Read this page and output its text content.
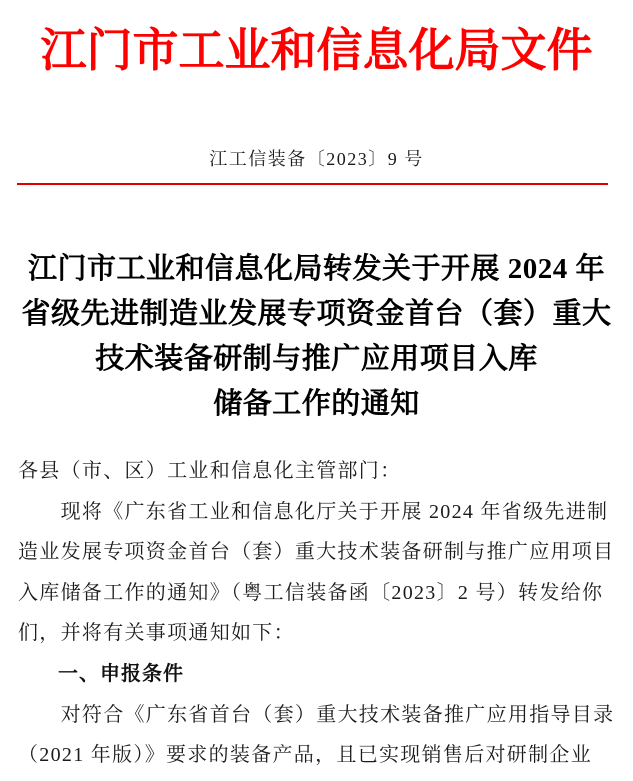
江门市工业和信息化局文件
江工信装备〔2023〕9 号
江门市工业和信息化局转发关于开展 2024 年
省级先进制造业发展专项资金首台（套）重大
技术装备研制与推广应用项目入库
储备工作的通知
各县（市、区）工业和信息化主管部门：
　　现将《广东省工业和信息化厅关于开展 2024 年省级先进制
造业发展专项资金首台（套）重大技术装备研制与推广应用项目
入库储备工作的通知》（粤工信装备函〔2023〕2 号）转发给你
们，并将有关事项通知如下：
一、申报条件
　　对符合《广东省首台（套）重大技术装备推广应用指导目录
（2021 年版）》要求的装备产品，且已实现销售后对研制企业
